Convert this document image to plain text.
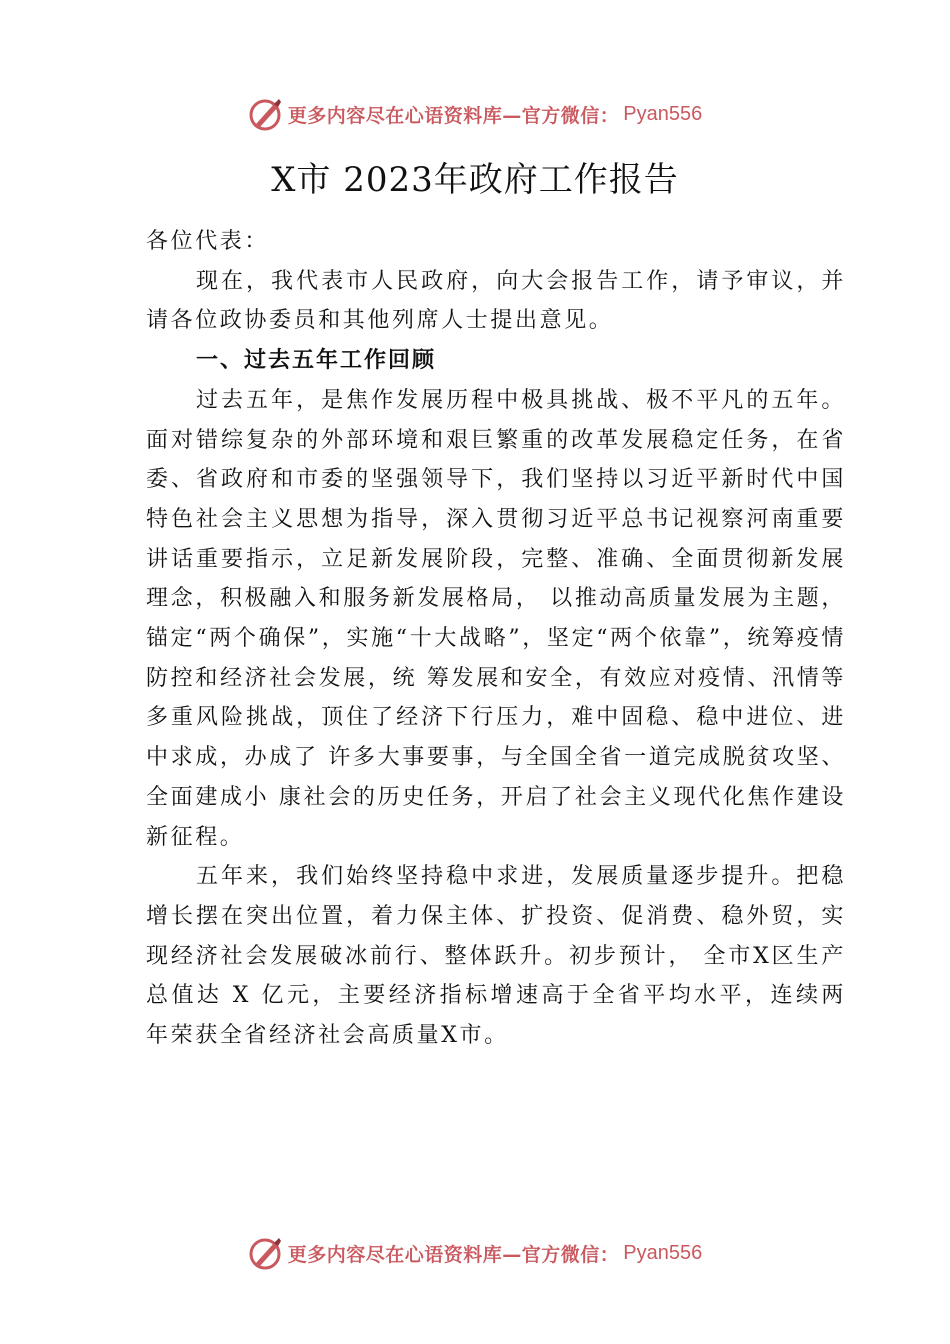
更多内容尽在心语资料库—官方微信： Pyan556
X市 2023年政府工作报告

各位代表：

现在，我代表市人民政府，向大会报告工作，请予审议，并请各位政协委员和其他列席人士提出意见。

一、过去五年工作回顾

过去五年，是焦作发展历程中极具挑战、极不平凡的五年。面对错综复杂的外部环境和艰巨繁重的改革发展稳定任务，在省委、省政府和市委的坚强领导下，我们坚持以习近平新时代中国特色社会主义思想为指导，深入贯彻习近平总书记视察河南重要讲话重要指示，立足新发展阶段，完整、准确、全面贯彻新发展理念，积极融入和服务新发展格局， 以推动高质量发展为主题，锚定“两个确保”，实施“十大战略”，坚定“两个依靠”，统筹疫情防控和经济社会发展，统 筹发展和安全，有效应对疫情、汛情等多重风险挑战，顶住了经济下行压力，难中固稳、稳中进位、进中求成，办成了 许多大事要事，与全国全省一道完成脱贫攻坚、全面建成小 康社会的历史任务，开启了社会主义现代化焦作建设新征程。

五年来，我们始终坚持稳中求进，发展质量逐步提升。把稳增长摆在突出位置，着力保主体、扩投资、促消费、稳外贸，实现经济社会发展破冰前行、整体跃升。初步预计， 全市X区生产总值达 X 亿元，主要经济指标增速高于全省平均水平，连续两年荣获全省经济社会高质量X市。

更多内容尽在心语资料库—官方微信： Pyan556
